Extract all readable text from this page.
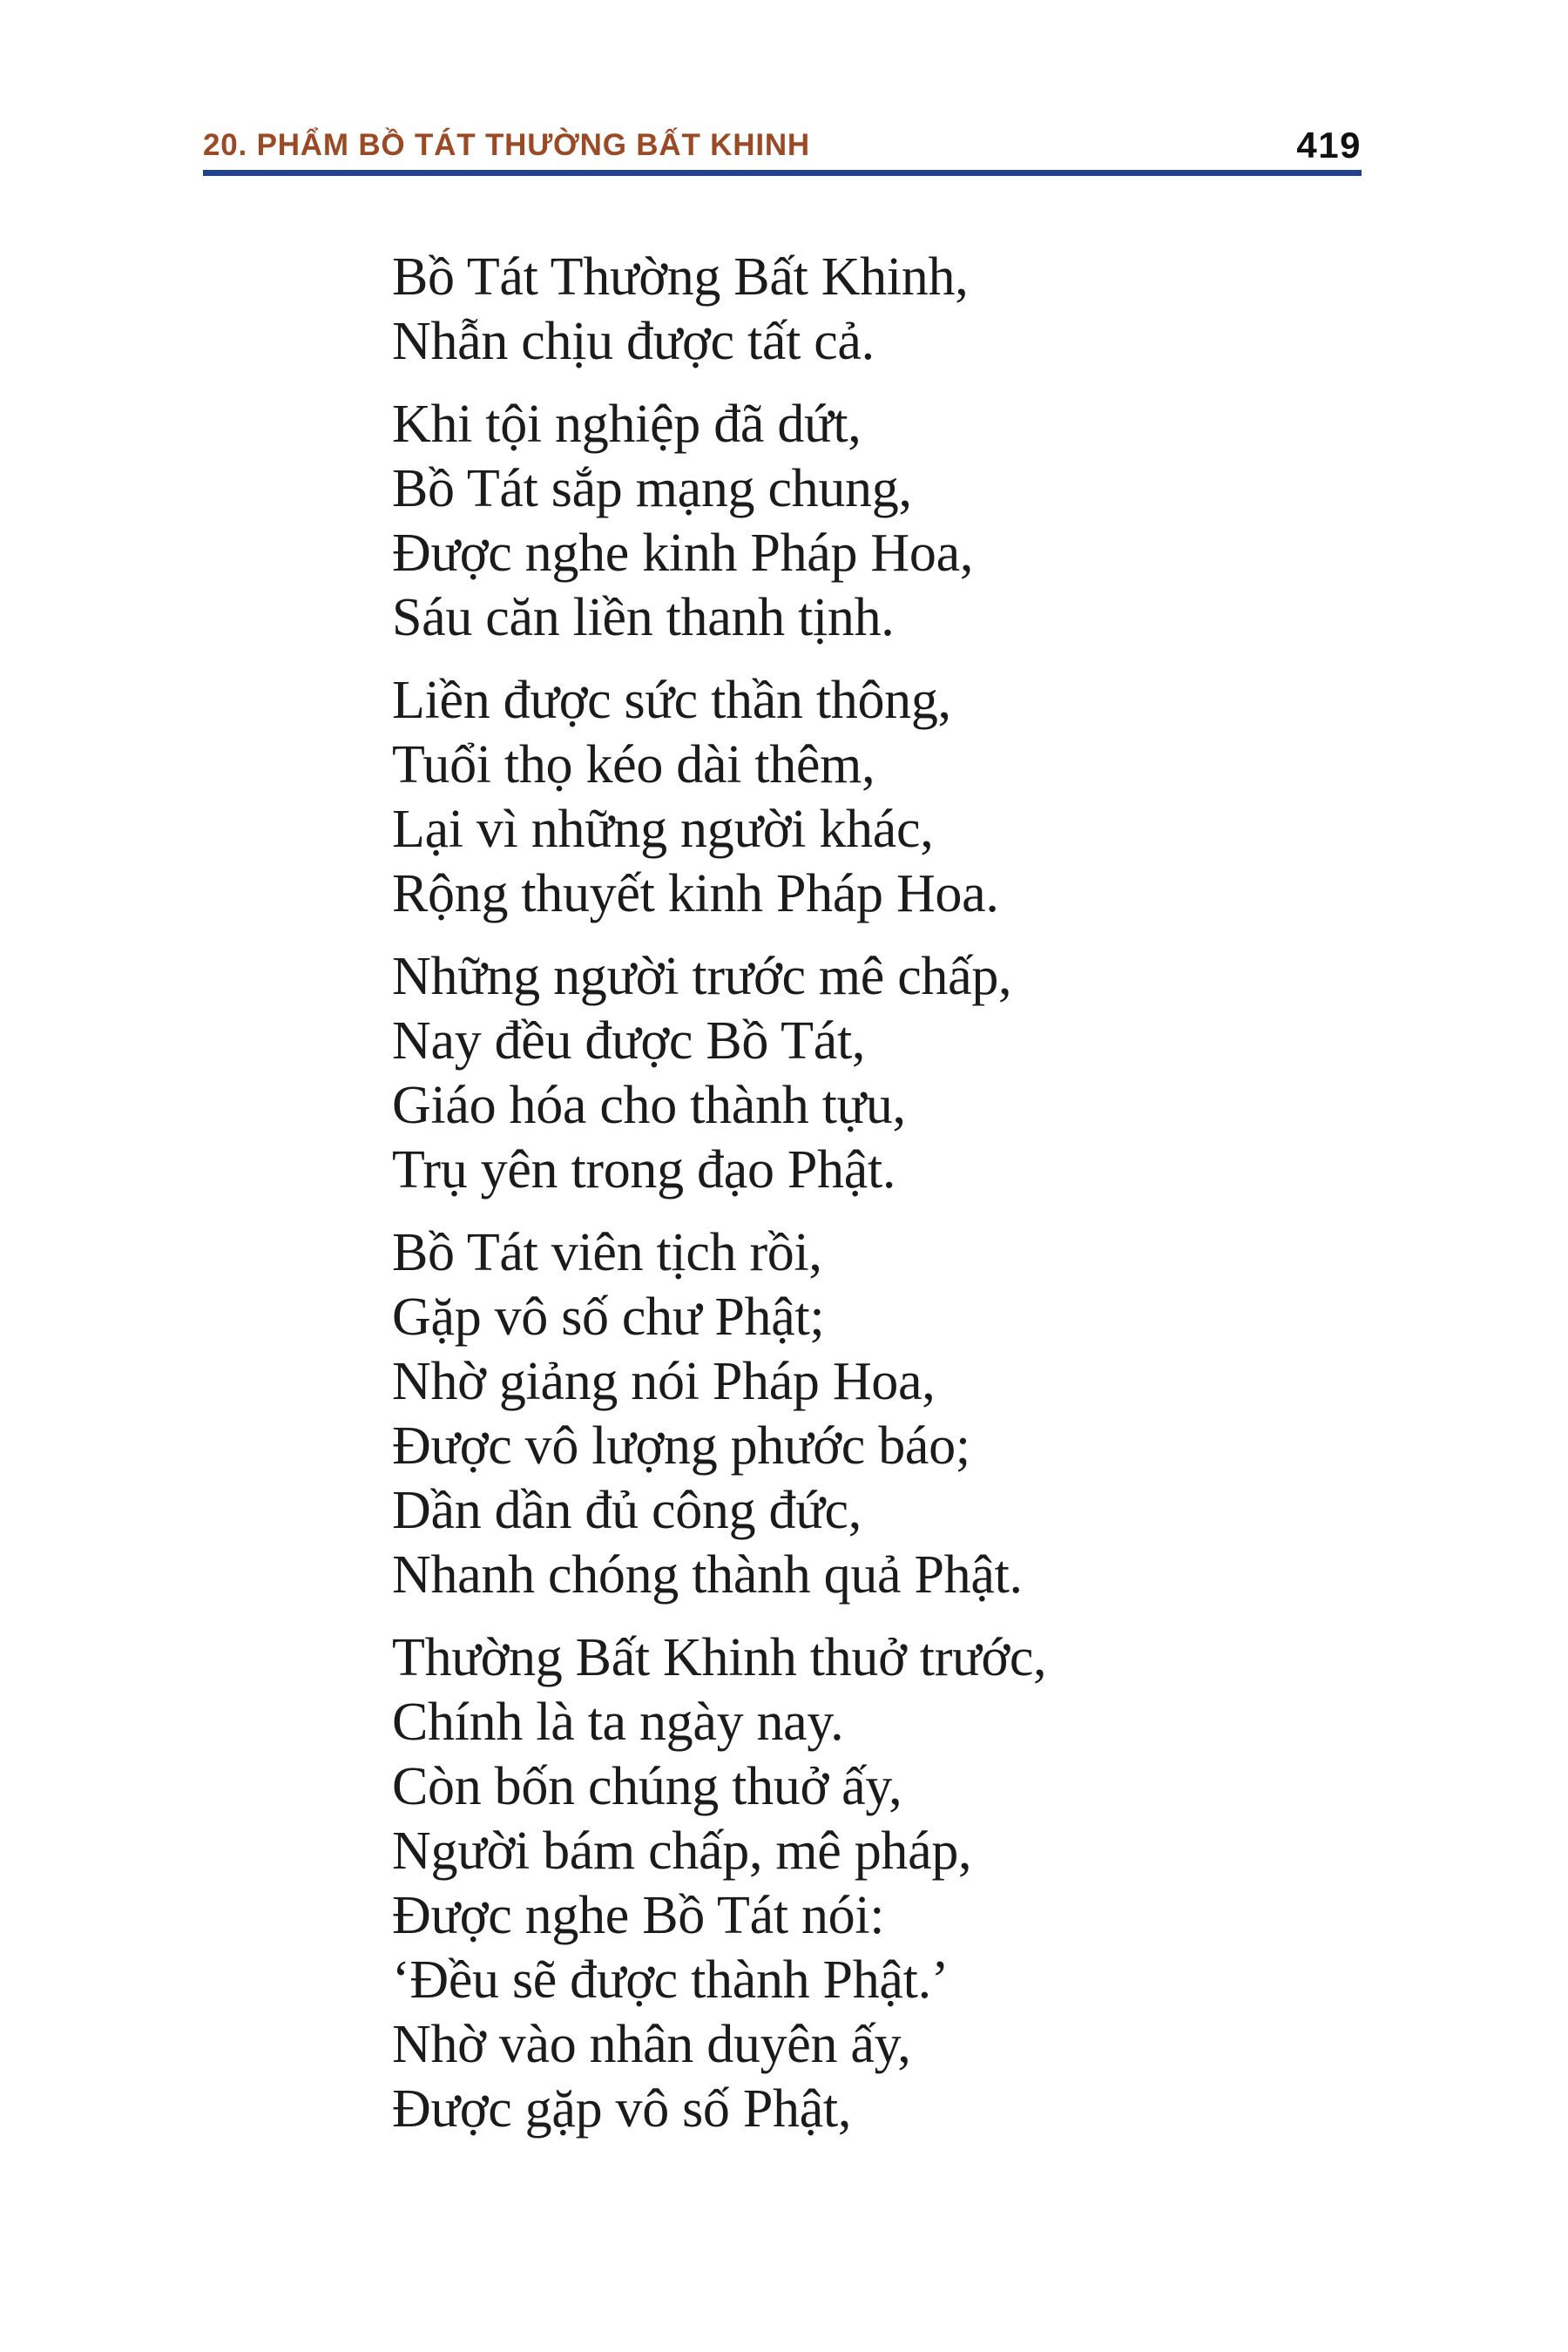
20. PHẨM BỒ TÁT THƯỜNG BẤT KHINH	419

Bồ Tát Thường Bất Khinh,

Nhẫn chịu được tất cả.

Khi tội nghiệp đã dứt,

Bồ Tát sắp mạng chung,

Được nghe kinh Pháp Hoa,

Sáu căn liền thanh tịnh.

Liền được sức thần thông,

Tuổi thọ kéo dài thêm,

Lại vì những người khác,

Rộng thuyết kinh Pháp Hoa.

Những người trước mê chấp,

Nay đều được Bồ Tát,

Giáo hóa cho thành tựu,

Trụ yên trong đạo Phật.

Bồ Tát viên tịch rồi,

Gặp vô số chư Phật;

Nhờ giảng nói Pháp Hoa,

Được vô lượng phước báo;

Dần dần đủ công đức,

Nhanh chóng thành quả Phật.

Thường Bất Khinh thuở trước,

Chính là ta ngày nay.

Còn bốn chúng thuở ấy,

Người bám chấp, mê pháp,

Được nghe Bồ Tát nói:

‘Đều sẽ được thành Phật.’

Nhờ vào nhân duyên ấy,

Được gặp vô số Phật,
